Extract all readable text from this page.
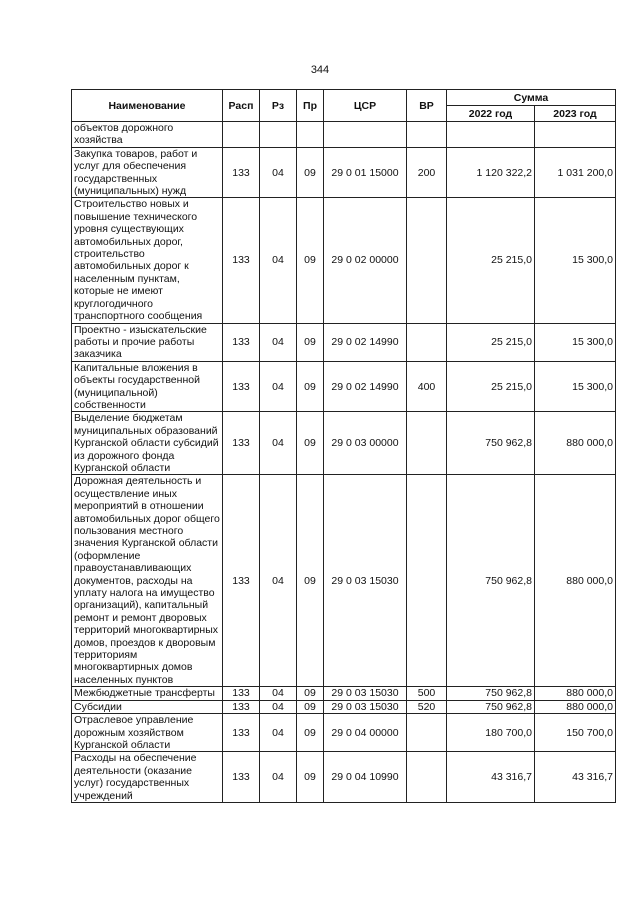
344
Наименование	Расп	Рз	Пр	ЦСР	ВР	Сумма	
						2022 год	2023 год
объектов дорожного хозяйства							
Закупка товаров, работ и услуг для обеспечения государственных (муниципальных) нужд	133	04	09	29 0 01 15000	200	1 120 322,2	1 031 200,0
Строительство новых и повышение технического уровня существующих автомобильных дорог, строительство автомобильных дорог к населенным пунктам, которые не имеют круглогодичного транспортного сообщения	133	04	09	29 0 02 00000		25 215,0	15 300,0
Проектно - изыскательские работы и прочие работы заказчика	133	04	09	29 0 02 14990		25 215,0	15 300,0
Капитальные вложения в объекты государственной (муниципальной) собственности	133	04	09	29 0 02 14990	400	25 215,0	15 300,0
Выделение бюджетам муниципальных образований Курганской области субсидий из дорожного фонда Курганской области	133	04	09	29 0 03 00000		750 962,8	880 000,0
Дорожная деятельность и осуществление иных мероприятий в отношении автомобильных дорог общего пользования местного значения Курганской области (оформление правоустанавливающих документов, расходы на уплату налога на имущество организаций), капитальный ремонт и ремонт дворовых территорий многоквартирных домов, проездов к дворовым территориям многоквартирных домов населенных пунктов	133	04	09	29 0 03 15030		750 962,8	880 000,0
Межбюджетные трансферты	133	04	09	29 0 03 15030	500	750 962,8	880 000,0
Субсидии	133	04	09	29 0 03 15030	520	750 962,8	880 000,0
Отраслевое управление дорожным хозяйством Курганской области	133	04	09	29 0 04 00000		180 700,0	150 700,0
Расходы на обеспечение деятельности (оказание услуг) государственных учреждений	133	04	09	29 0 04 10990		43 316,7	43 316,7
